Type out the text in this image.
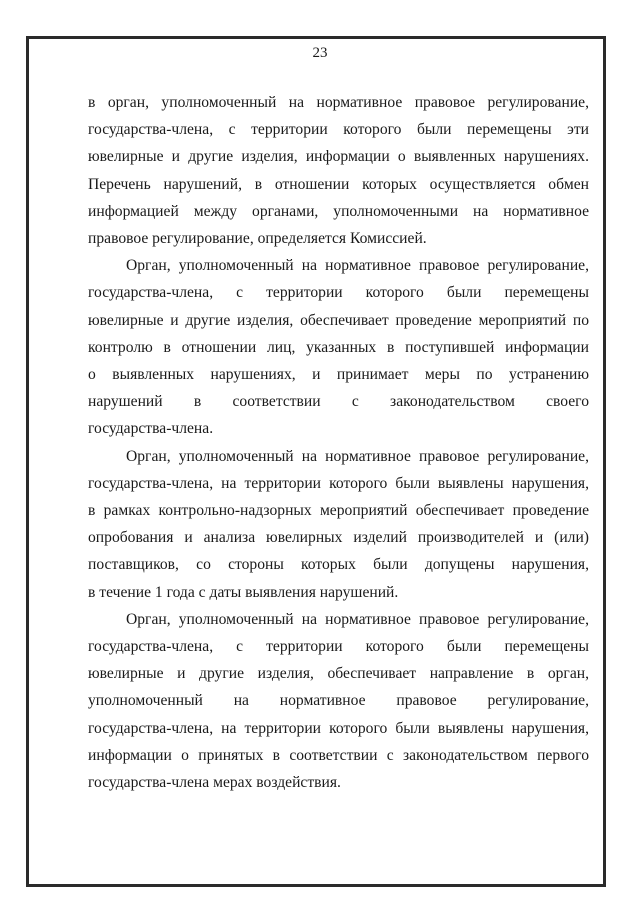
23

в орган, уполномоченный на нормативное правовое регулирование,
государства-члена, с территории которого были перемещены эти
ювелирные и другие изделия, информации о выявленных нарушениях.
Перечень нарушений, в отношении которых осуществляется обмен
информацией между органами, уполномоченными на нормативное
правовое регулирование, определяется Комиссией.

Орган, уполномоченный на нормативное правовое регулирование,
государства-члена, с территории которого были перемещены
ювелирные и другие изделия, обеспечивает проведение мероприятий по
контролю в отношении лиц, указанных в поступившей информации
о выявленных нарушениях, и принимает меры по устранению
нарушений в соответствии с законодательством своего
государства-члена.

Орган, уполномоченный на нормативное правовое регулирование,
государства-члена, на территории которого были выявлены нарушения,
в рамках контрольно-надзорных мероприятий обеспечивает проведение
опробования и анализа ювелирных изделий производителей и (или)
поставщиков, со стороны которых были допущены нарушения,
в течение 1 года с даты выявления нарушений.

Орган, уполномоченный на нормативное правовое регулирование,
государства-члена, с территории которого были перемещены
ювелирные и другие изделия, обеспечивает направление в орган,
уполномоченный на нормативное правовое регулирование,
государства-члена, на территории которого были выявлены нарушения,
информации о принятых в соответствии с законодательством первого
государства-члена мерах воздействия.
